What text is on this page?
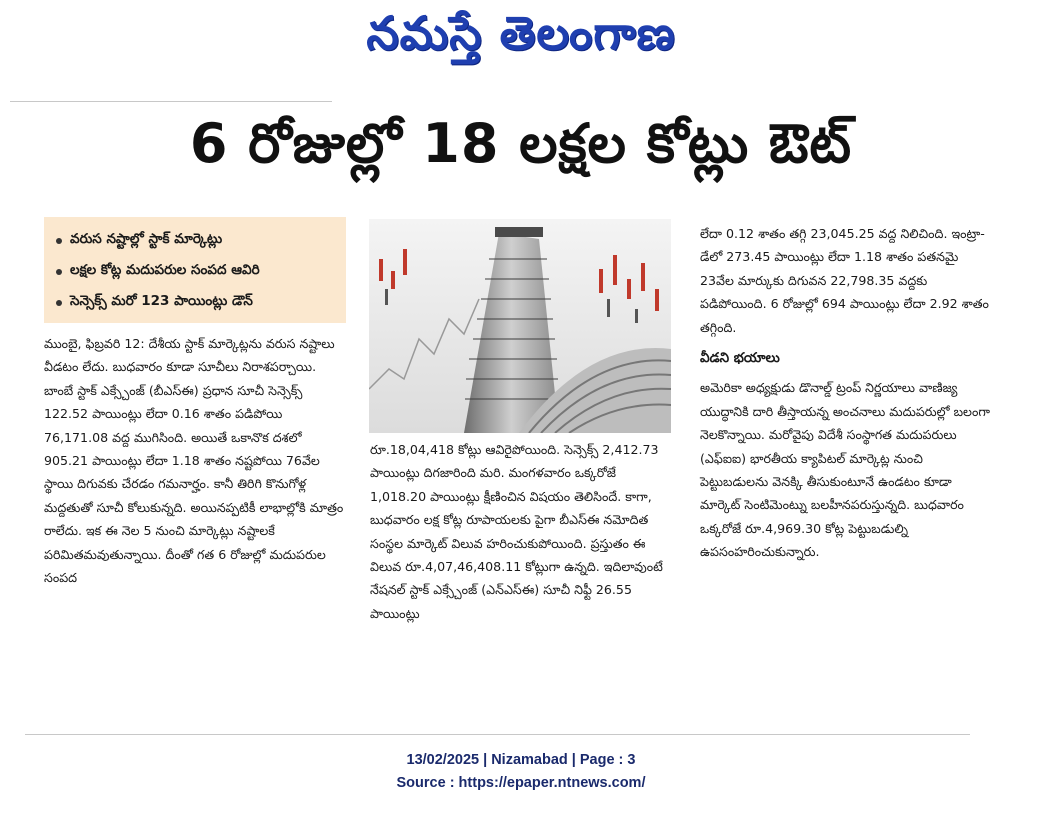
నమస్తే తెలంగాణ
6 రోజుల్లో 18 లక్షల కోట్లు ఔట్
వరుస నష్టాల్లో స్టాక్ మార్కెట్లు
లక్షల కోట్ల మదుపరుల సంపద ఆవిరి
సెన్సెక్స్ మరో 123 పాయింట్లు డౌన్

ముంబై, ఫిబ్రవరి 12: దేశీయ స్టాక్ మార్కెట్లను వరుస నష్టాలు వీడటం లేదు. బుధవారం కూడా సూచీలు నిరాశపర్చాయి. బాంబే స్టాక్ ఎక్స్చేంజ్ (బీఎస్ఈ) ప్రధాన సూచీ సెన్సెక్స్ 122.52 పాయింట్లు లేదా 0.16 శాతం పడిపోయి 76,171.08 వద్ద ముగిసింది. అయితే ఒకానొక దశలో 905.21 పాయింట్లు లేదా 1.18 శాతం నష్టపోయి 76వేల స్థాయి దిగువకు చేరడం గమనార్హం. కానీ తిరిగి కొనుగోళ్ల మద్దతుతో సూచీ కోలుకున్నది. అయినప్పటికీ లాభాల్లోకి మాత్రం రాలేదు. ఇక ఈ నెల 5 నుంచి మార్కెట్లు నష్టాలకే పరిమితమవుతున్నాయి. దీంతో గత 6 రోజుల్లో మదుపరుల సంపద

రూ.18,04,418 కోట్లు ఆవిరైపోయింది. సెన్సెక్స్ 2,412.73 పాయింట్లు దిగజారింది మరి. మంగళవారం ఒక్కరోజే 1,018.20 పాయింట్లు క్షీణించిన విషయం తెలిసిందే. కాగా, బుధవారం లక్ష కోట్ల రూపాయలకు పైగా బీఎస్ఈ నమోదిత సంస్థల మార్కెట్ విలువ హరించుకుపోయింది. ప్రస్తుతం ఈ విలువ రూ.4,07,46,408.11 కోట్లుగా ఉన్నది. ఇదిలావుంటే నేషనల్ స్టాక్ ఎక్స్చేంజ్ (ఎన్ఎస్ఈ) సూచీ నిఫ్టీ 26.55 పాయింట్లు

లేదా 0.12 శాతం తగ్గి 23,045.25 వద్ద నిలిచింది. ఇంట్రా-డేలో 273.45 పాయింట్లు లేదా 1.18 శాతం పతనమై 23వేల మార్కుకు దిగువన 22,798.35 వద్దకు పడిపోయింది. 6 రోజుల్లో 694 పాయింట్లు లేదా 2.92 శాతం తగ్గింది.

వీడని భయాలు

అమెరికా అధ్యక్షుడు డొనాల్డ్ ట్రంప్ నిర్ణయాలు వాణిజ్య యుద్ధానికి దారి తీస్తాయన్న అంచనాలు మదుపరుల్లో బలంగా నెలకొన్నాయి. మరోవైపు విదేశీ సంస్థాగత మదుపరులు (ఎఫ్ఐఐ) భారతీయ క్యాపిటల్ మార్కెట్ల నుంచి పెట్టుబడులను వెనక్కి తీసుకుంటూనే ఉండటం కూడా మార్కెట్ సెంటిమెంట్ను బలహీనపరుస్తున్నది. బుధవారం ఒక్కరోజే రూ.4,969.30 కోట్ల పెట్టుబడుల్ని ఉపసంహరించుకున్నారు.

13/02/2025 | Nizamabad | Page : 3
Source : https://epaper.ntnews.com/
